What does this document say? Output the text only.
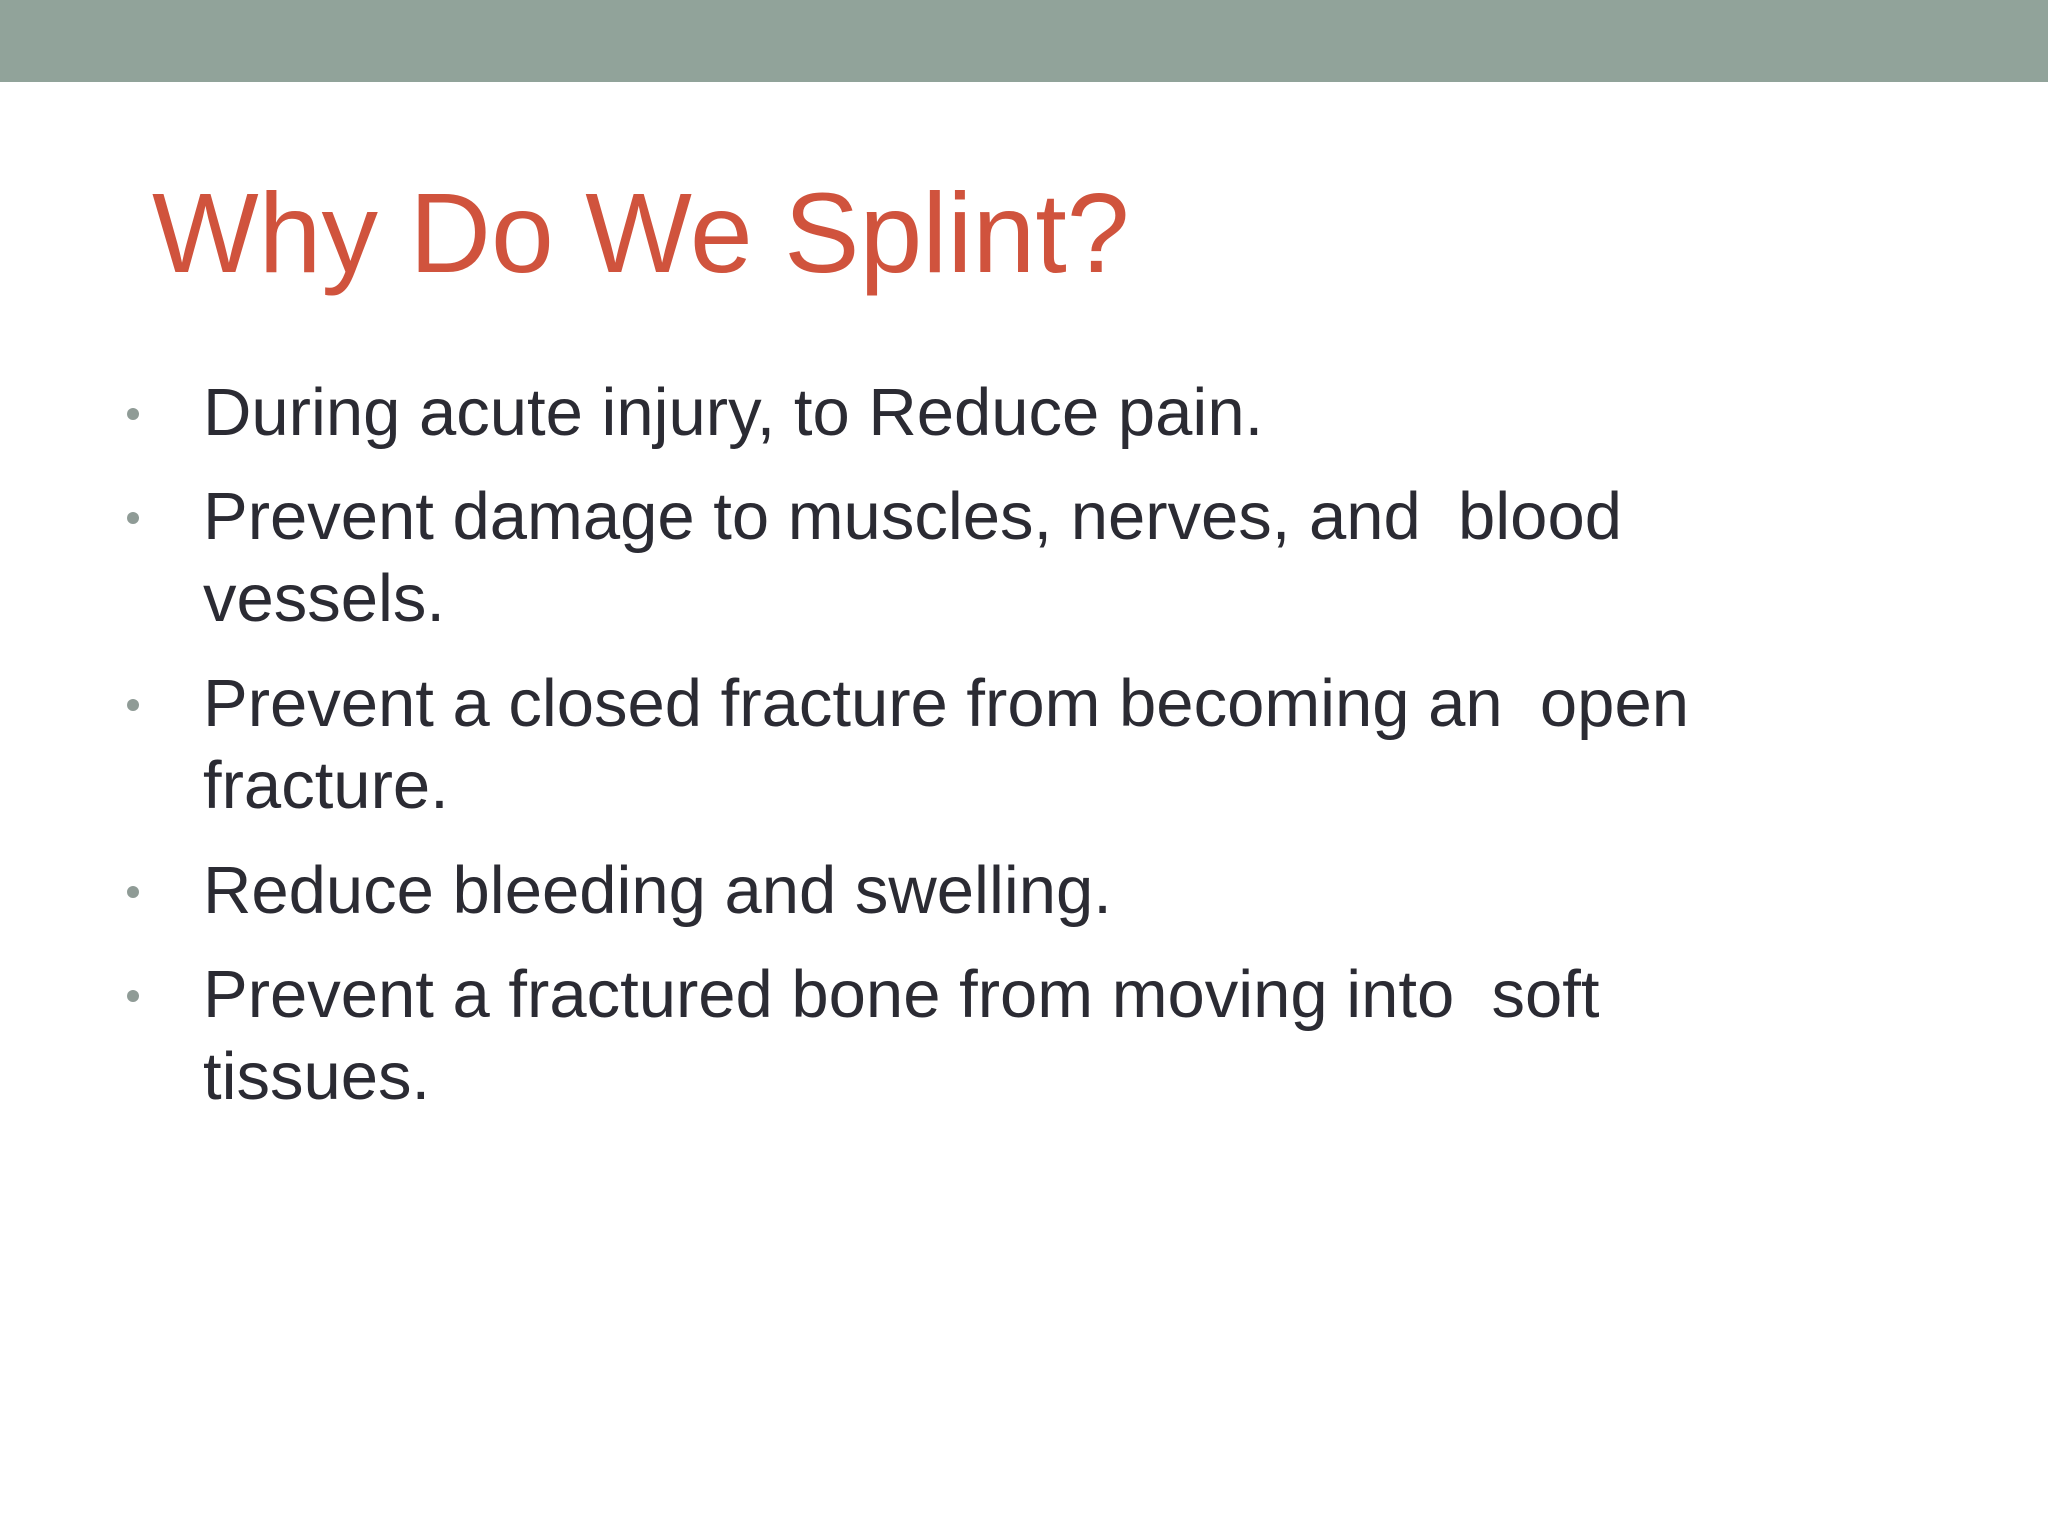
Why Do We Splint?

During acute injury, to Reduce pain.

Prevent damage to muscles, nerves, and  blood
vessels.

Prevent a closed fracture from becoming an  open
fracture.

Reduce bleeding and swelling.

Prevent a fractured bone from moving into  soft
tissues.
